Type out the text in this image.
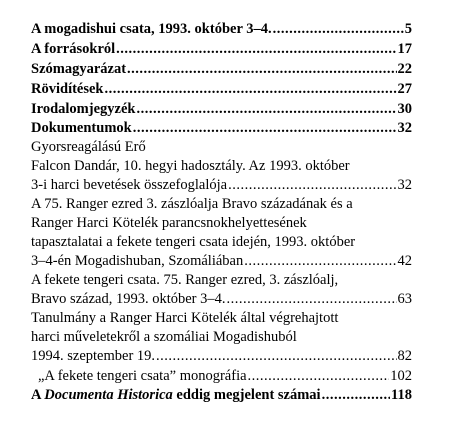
A mogadishui csata, 1993. október 3–4. .....	5
A forrásokról .....	17
Szómagyarázat .....	22
Rövidítések .....	27
Irodalomjegyzék .....	30
Dokumentumok .....	32
Gyorsreagálású Erő
Falcon Dandár, 10. hegyi hadosztály. Az 1993. október
3-i harci bevetések összefoglalója .....	32
A 75. Ranger ezred 3. zászlóalja Bravo századának és a
Ranger Harci Kötelék parancsnokhelyettesének
tapasztalatai a fekete tengeri csata idején, 1993. október
3–4-én Mogadishuban, Szomáliában .....	42
A fekete tengeri csata. 75. Ranger ezred, 3. zászlóalj,
Bravo század, 1993. október 3–4. .....	63
Tanulmány a Ranger Harci Kötelék által végrehajtott
harci műveletekről a szomáliai Mogadishuból
1994. szeptember 19. .....	82
„A fekete tengeri csata” monográfia .....	102
A Documenta Historica eddig megjelent számai .....	118
